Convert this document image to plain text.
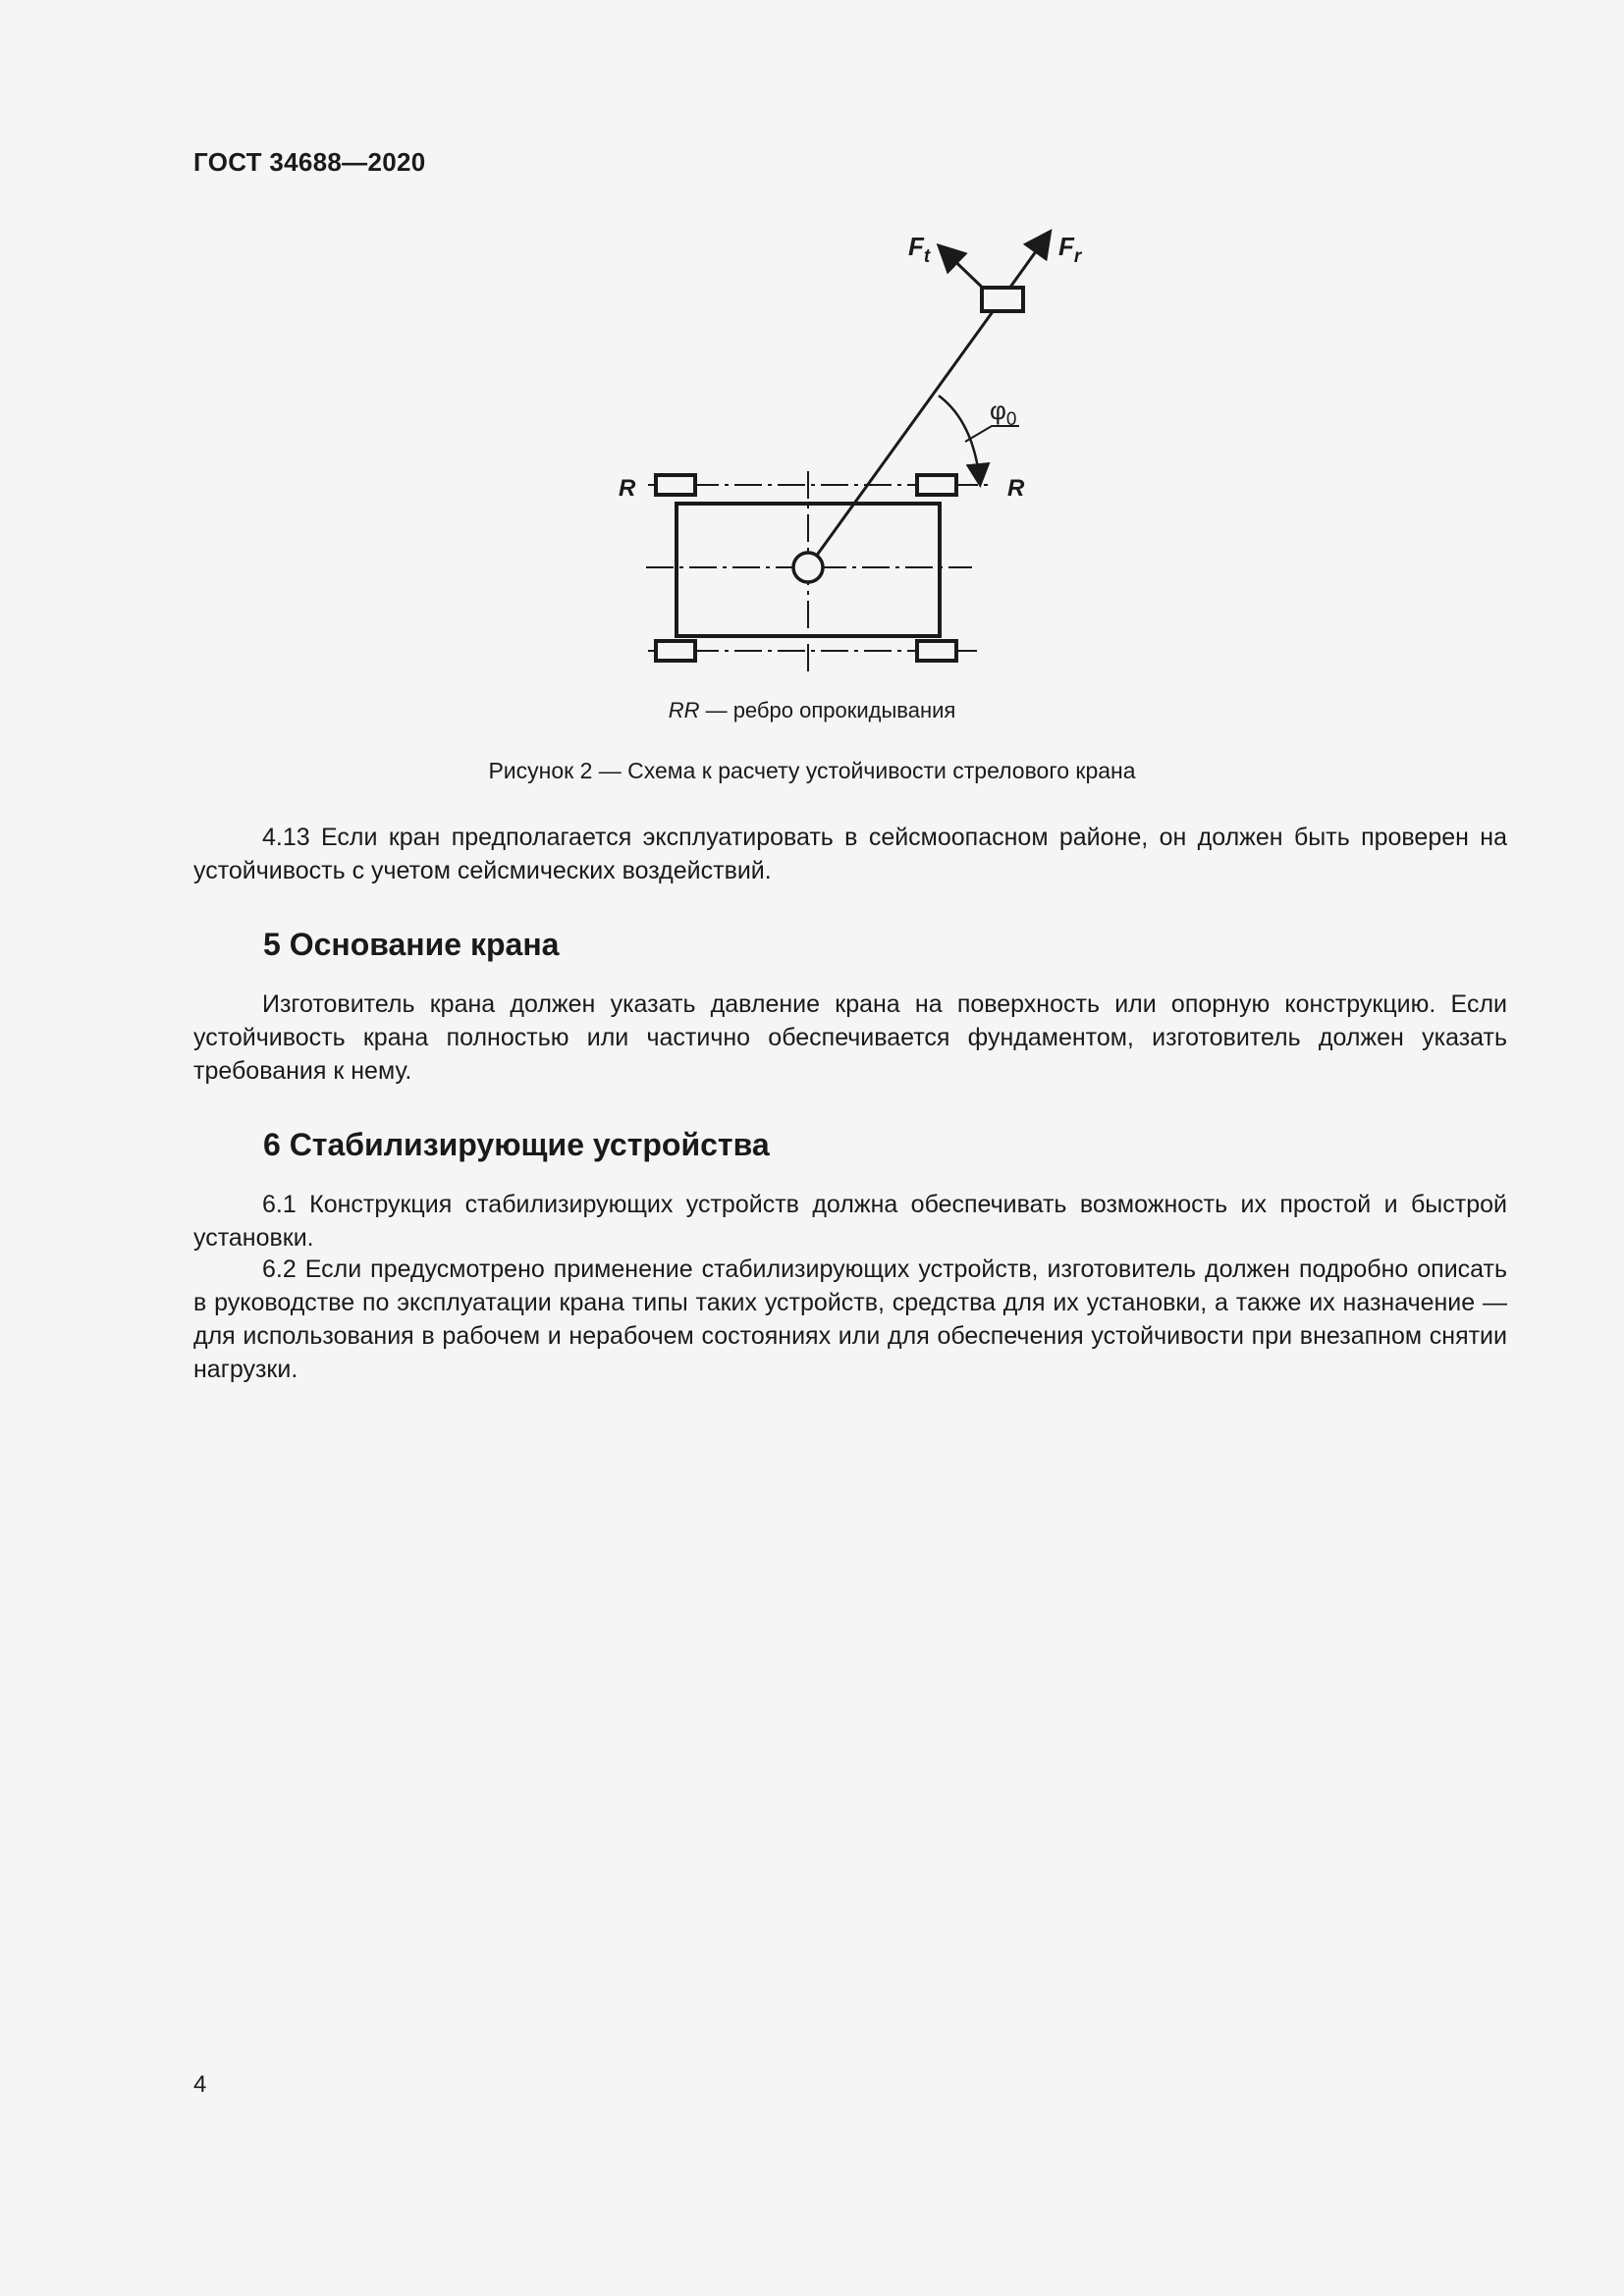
ГОСТ 34688—2020
$F_t$	$F_r$
$\varphi_0$
R	R
RR — ребро опрокидывания
Рисунок 2 — Схема к расчету устойчивости стрелового крана
4.13 Если кран предполагается эксплуатировать в сейсмоопасном районе, он должен быть проверен на устойчивость с учетом сейсмических воздействий.
5 Основание крана
Изготовитель крана должен указать давление крана на поверхность или опорную конструкцию. Если устойчивость крана полностью или частично обеспечивается фундаментом, изготовитель должен указать требования к нему.
6 Стабилизирующие устройства
6.1 Конструкция стабилизирующих устройств должна обеспечивать возможность их простой и быстрой установки.
6.2 Если предусмотрено применение стабилизирующих устройств, изготовитель должен подробно описать в руководстве по эксплуатации крана типы таких устройств, средства для их установки, а также их назначение — для использования в рабочем и нерабочем состояниях или для обеспечения устойчивости при внезапном снятии нагрузки.
4
